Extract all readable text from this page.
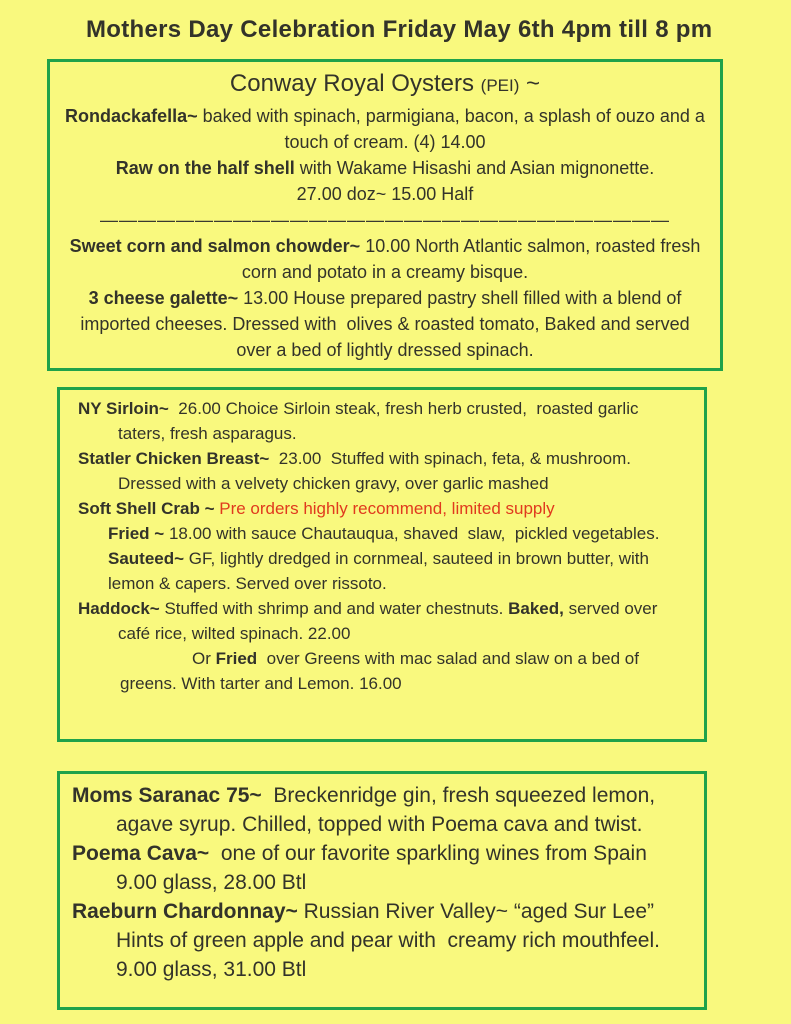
Mothers Day Celebration Friday May 6th 4pm till 8 pm
Conway Royal Oysters (PEI) ~

Rondackafella~ baked with spinach, parmigiana, bacon, a splash of ouzo and a touch of cream. (4) 14.00

Raw on the half shell with Wakame Hisashi and Asian mignonette.

27.00 doz~ 15.00 Half

——————————————————————————————

Sweet corn and salmon chowder~ 10.00 North Atlantic salmon, roasted fresh corn and potato in a creamy bisque.

3 cheese galette~ 13.00 House prepared pastry shell filled with a blend of imported cheeses. Dressed with  olives & roasted tomato, Baked and served over a bed of lightly dressed spinach.

NY Sirloin~  26.00 Choice Sirloin steak, fresh herb crusted,  roasted garlic taters, fresh asparagus.

Statler Chicken Breast~  23.00  Stuffed with spinach, feta, & mushroom. Dressed with a velvety chicken gravy, over garlic mashed

Soft Shell Crab ~ Pre orders highly recommend, limited supply

Fried ~ 18.00 with sauce Chautauqua, shaved  slaw,  pickled vegetables.

Sauteed~ GF, lightly dredged in cornmeal, sauteed in brown butter, with lemon & capers. Served over rissoto.

Haddock~ Stuffed with shrimp and and water chestnuts. Baked, served over café rice, wilted spinach. 22.00

Or Fried  over Greens with mac salad and slaw on a bed of greens. With tarter and Lemon. 16.00

Moms Saranac 75~  Breckenridge gin, fresh squeezed lemon, agave syrup. Chilled, topped with Poema cava and twist.

Poema Cava~  one of our favorite sparkling wines from Spain 9.00 glass, 28.00 Btl

Raeburn Chardonnay~ Russian River Valley~ “aged Sur Lee” Hints of green apple and pear with  creamy rich mouthfeel. 9.00 glass, 31.00 Btl
